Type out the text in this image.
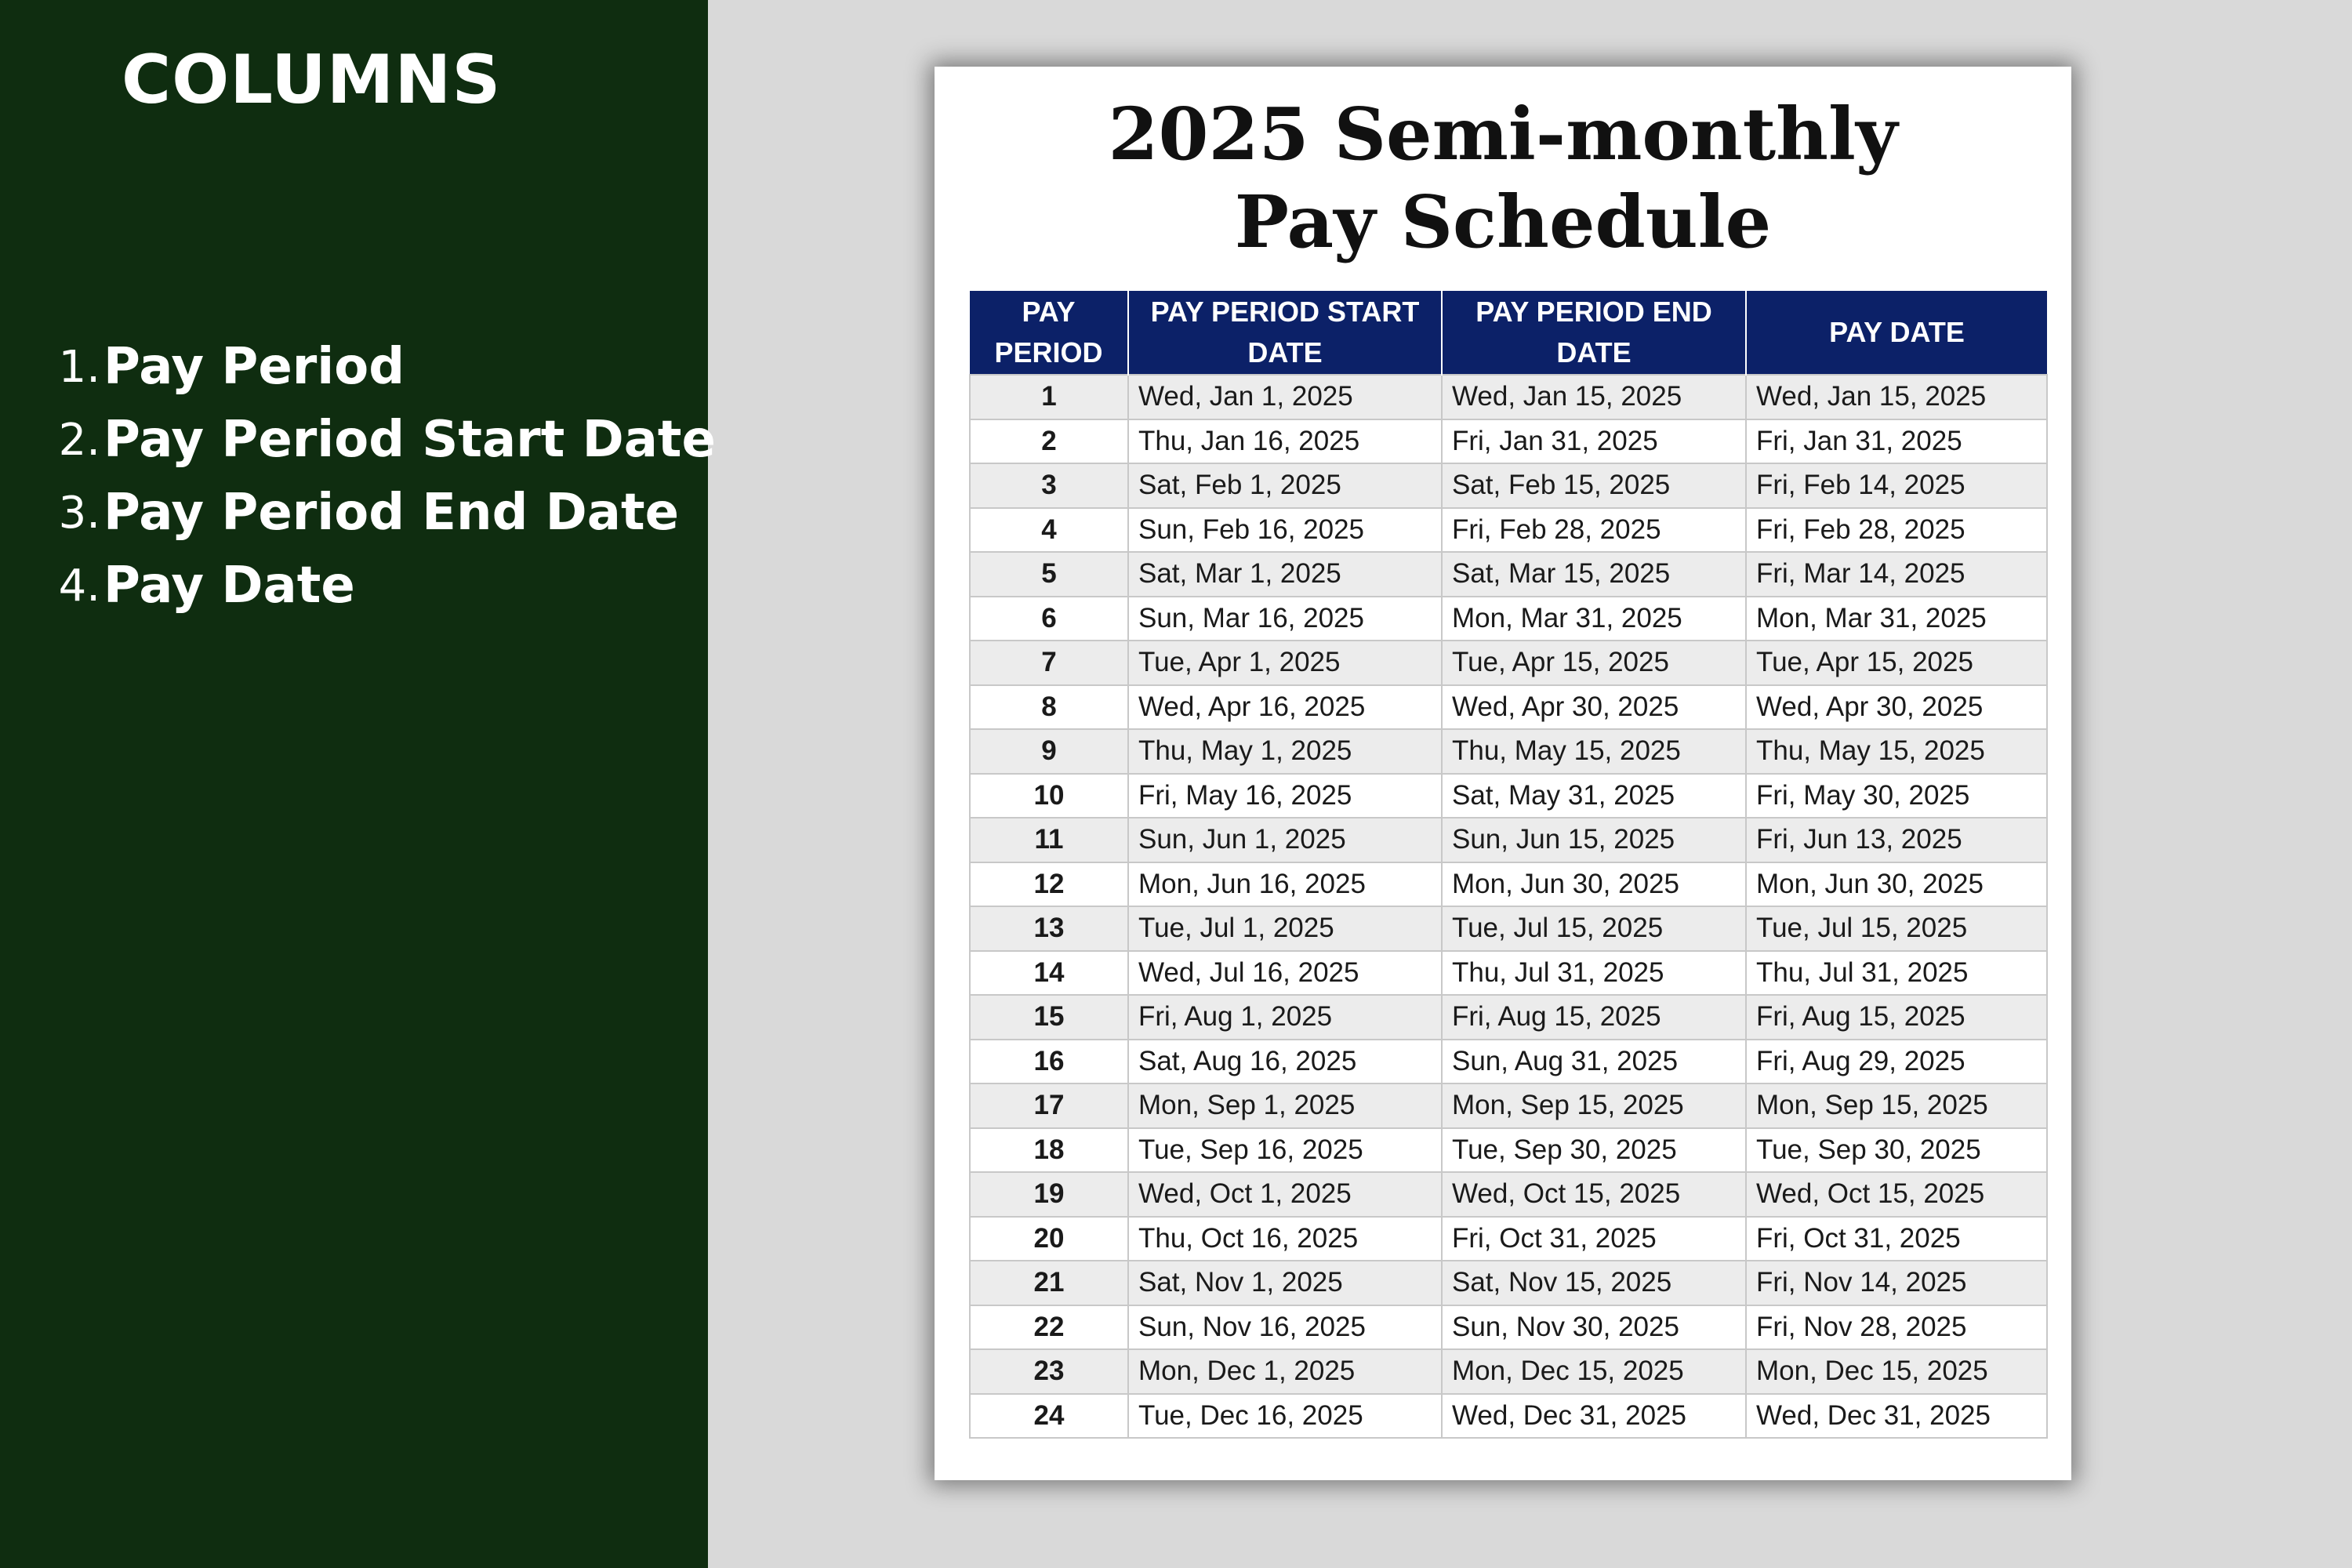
COLUMNS
1. Pay Period
2. Pay Period Start Date
3. Pay Period End Date
4. Pay Date
2025 Semi-monthly
Pay Schedule
PAY PERIOD	PAY PERIOD START DATE	PAY PERIOD END DATE	PAY DATE
1	Wed, Jan 1, 2025	Wed, Jan 15, 2025	Wed, Jan 15, 2025
2	Thu, Jan 16, 2025	Fri, Jan 31, 2025	Fri, Jan 31, 2025
3	Sat, Feb 1, 2025	Sat, Feb 15, 2025	Fri, Feb 14, 2025
4	Sun, Feb 16, 2025	Fri, Feb 28, 2025	Fri, Feb 28, 2025
5	Sat, Mar 1, 2025	Sat, Mar 15, 2025	Fri, Mar 14, 2025
6	Sun, Mar 16, 2025	Mon, Mar 31, 2025	Mon, Mar 31, 2025
7	Tue, Apr 1, 2025	Tue, Apr 15, 2025	Tue, Apr 15, 2025
8	Wed, Apr 16, 2025	Wed, Apr 30, 2025	Wed, Apr 30, 2025
9	Thu, May 1, 2025	Thu, May 15, 2025	Thu, May 15, 2025
10	Fri, May 16, 2025	Sat, May 31, 2025	Fri, May 30, 2025
11	Sun, Jun 1, 2025	Sun, Jun 15, 2025	Fri, Jun 13, 2025
12	Mon, Jun 16, 2025	Mon, Jun 30, 2025	Mon, Jun 30, 2025
13	Tue, Jul 1, 2025	Tue, Jul 15, 2025	Tue, Jul 15, 2025
14	Wed, Jul 16, 2025	Thu, Jul 31, 2025	Thu, Jul 31, 2025
15	Fri, Aug 1, 2025	Fri, Aug 15, 2025	Fri, Aug 15, 2025
16	Sat, Aug 16, 2025	Sun, Aug 31, 2025	Fri, Aug 29, 2025
17	Mon, Sep 1, 2025	Mon, Sep 15, 2025	Mon, Sep 15, 2025
18	Tue, Sep 16, 2025	Tue, Sep 30, 2025	Tue, Sep 30, 2025
19	Wed, Oct 1, 2025	Wed, Oct 15, 2025	Wed, Oct 15, 2025
20	Thu, Oct 16, 2025	Fri, Oct 31, 2025	Fri, Oct 31, 2025
21	Sat, Nov 1, 2025	Sat, Nov 15, 2025	Fri, Nov 14, 2025
22	Sun, Nov 16, 2025	Sun, Nov 30, 2025	Fri, Nov 28, 2025
23	Mon, Dec 1, 2025	Mon, Dec 15, 2025	Mon, Dec 15, 2025
24	Tue, Dec 16, 2025	Wed, Dec 31, 2025	Wed, Dec 31, 2025
